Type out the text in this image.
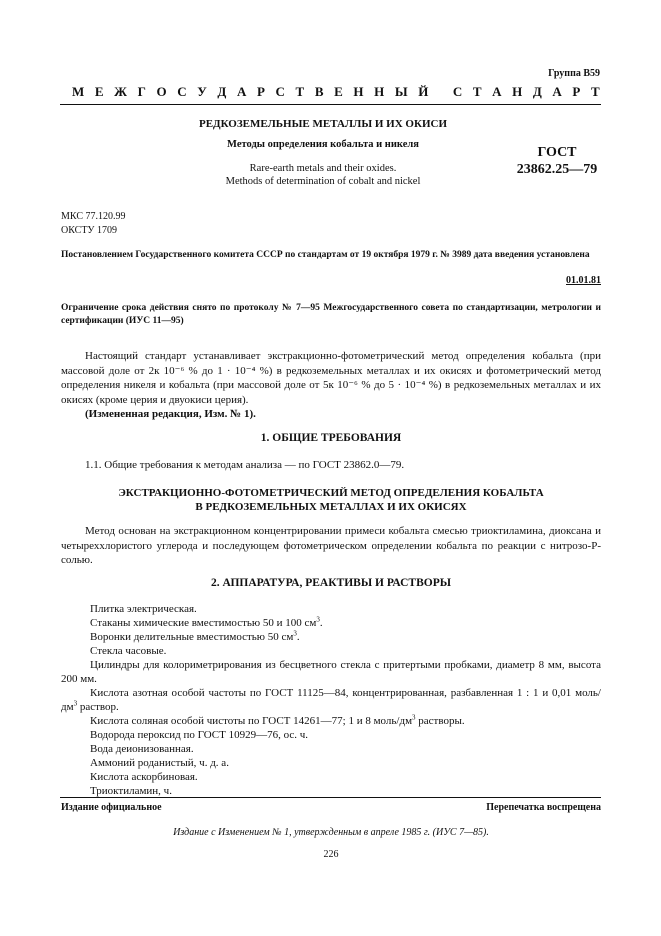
Группа В59
М Е Ж Г О С У Д А Р С Т В Е Н Н Ы Й
С Т А Н Д А Р Т
РЕДКОЗЕМЕЛЬНЫЕ МЕТАЛЛЫ И ИХ ОКИСИ
Методы определения кобальта и никеля
Rare-earth metals and their oxides.
Methods of determination of cobalt and nickel
ГОСТ
23862.25—79
МКС 77.120.99
ОКСТУ 1709
Постановлением Государственного комитета СССР по стандартам от 19 октября 1979 г. № 3989 дата введения установлена
01.01.81
Ограничение срока действия снято по протоколу № 7—95 Межгосударственного совета по стандартизации, метрологии и сертификации (ИУС 11—95)

Настоящий стандарт устанавливает экстракционно-фотометрический метод определения кобальта (при массовой доле от 2к 10⁻⁶ % до 1 · 10⁻⁴ %) в редкоземельных металлах и их окисях и фотометрический метод определения никеля и кобальта (при массовой доле от 5к 10⁻⁶ % до 5 · 10⁻⁴ %) в редкоземельных металлах и их окисях (кроме церия и двуокиси церия).

(Измененная редакция, Изм. № 1).

1. ОБЩИЕ ТРЕБОВАНИЯ

1.1. Общие требования к методам анализа — по ГОСТ 23862.0—79.

ЭКСТРАКЦИОННО-ФОТОМЕТРИЧЕСКИЙ МЕТОД ОПРЕДЕЛЕНИЯ КОБАЛЬТА
В РЕДКОЗЕМЕЛЬНЫХ МЕТАЛЛАХ И ИХ ОКИСЯХ

Метод основан на экстракционном концентрировании примеси кобальта смесью триоктиламина, диоксана и четыреххлористого углерода и последующем фотометрическом определении кобальта по реакции с нитрозо-Р-солью.

2. АППАРАТУРА, РЕАКТИВЫ И РАСТВОРЫ
Плитка электрическая.
Стаканы химические вместимостью 50 и 100 $см^3$.
Воронки делительные вместимостью 50 $см^3$.
Стекла часовые.
Цилиндры для колориметрирования из бесцветного стекла с притертыми пробками, диаметр 8 мм, высота 200 мм.
Кислота азотная особой частоты по ГОСТ 11125—84, концентрированная, разбавленная 1 : 1 и 0,01 моль/$дм^3$ раствор.
Кислота соляная особой чистоты по ГОСТ 14261—77; 1 и 8 моль/$дм^3$ растворы.
Водорода пероксид по ГОСТ 10929—76, ос. ч.
Вода деионизованная.
Аммоний роданистый, ч. д. а.
Кислота аскорбиновая.
Триоктиламин, ч.
Издание официальное	Перепечатка воспрещена
Издание с Изменением № 1, утвержденным в апреле 1985 г. (ИУС 7—85).
226
